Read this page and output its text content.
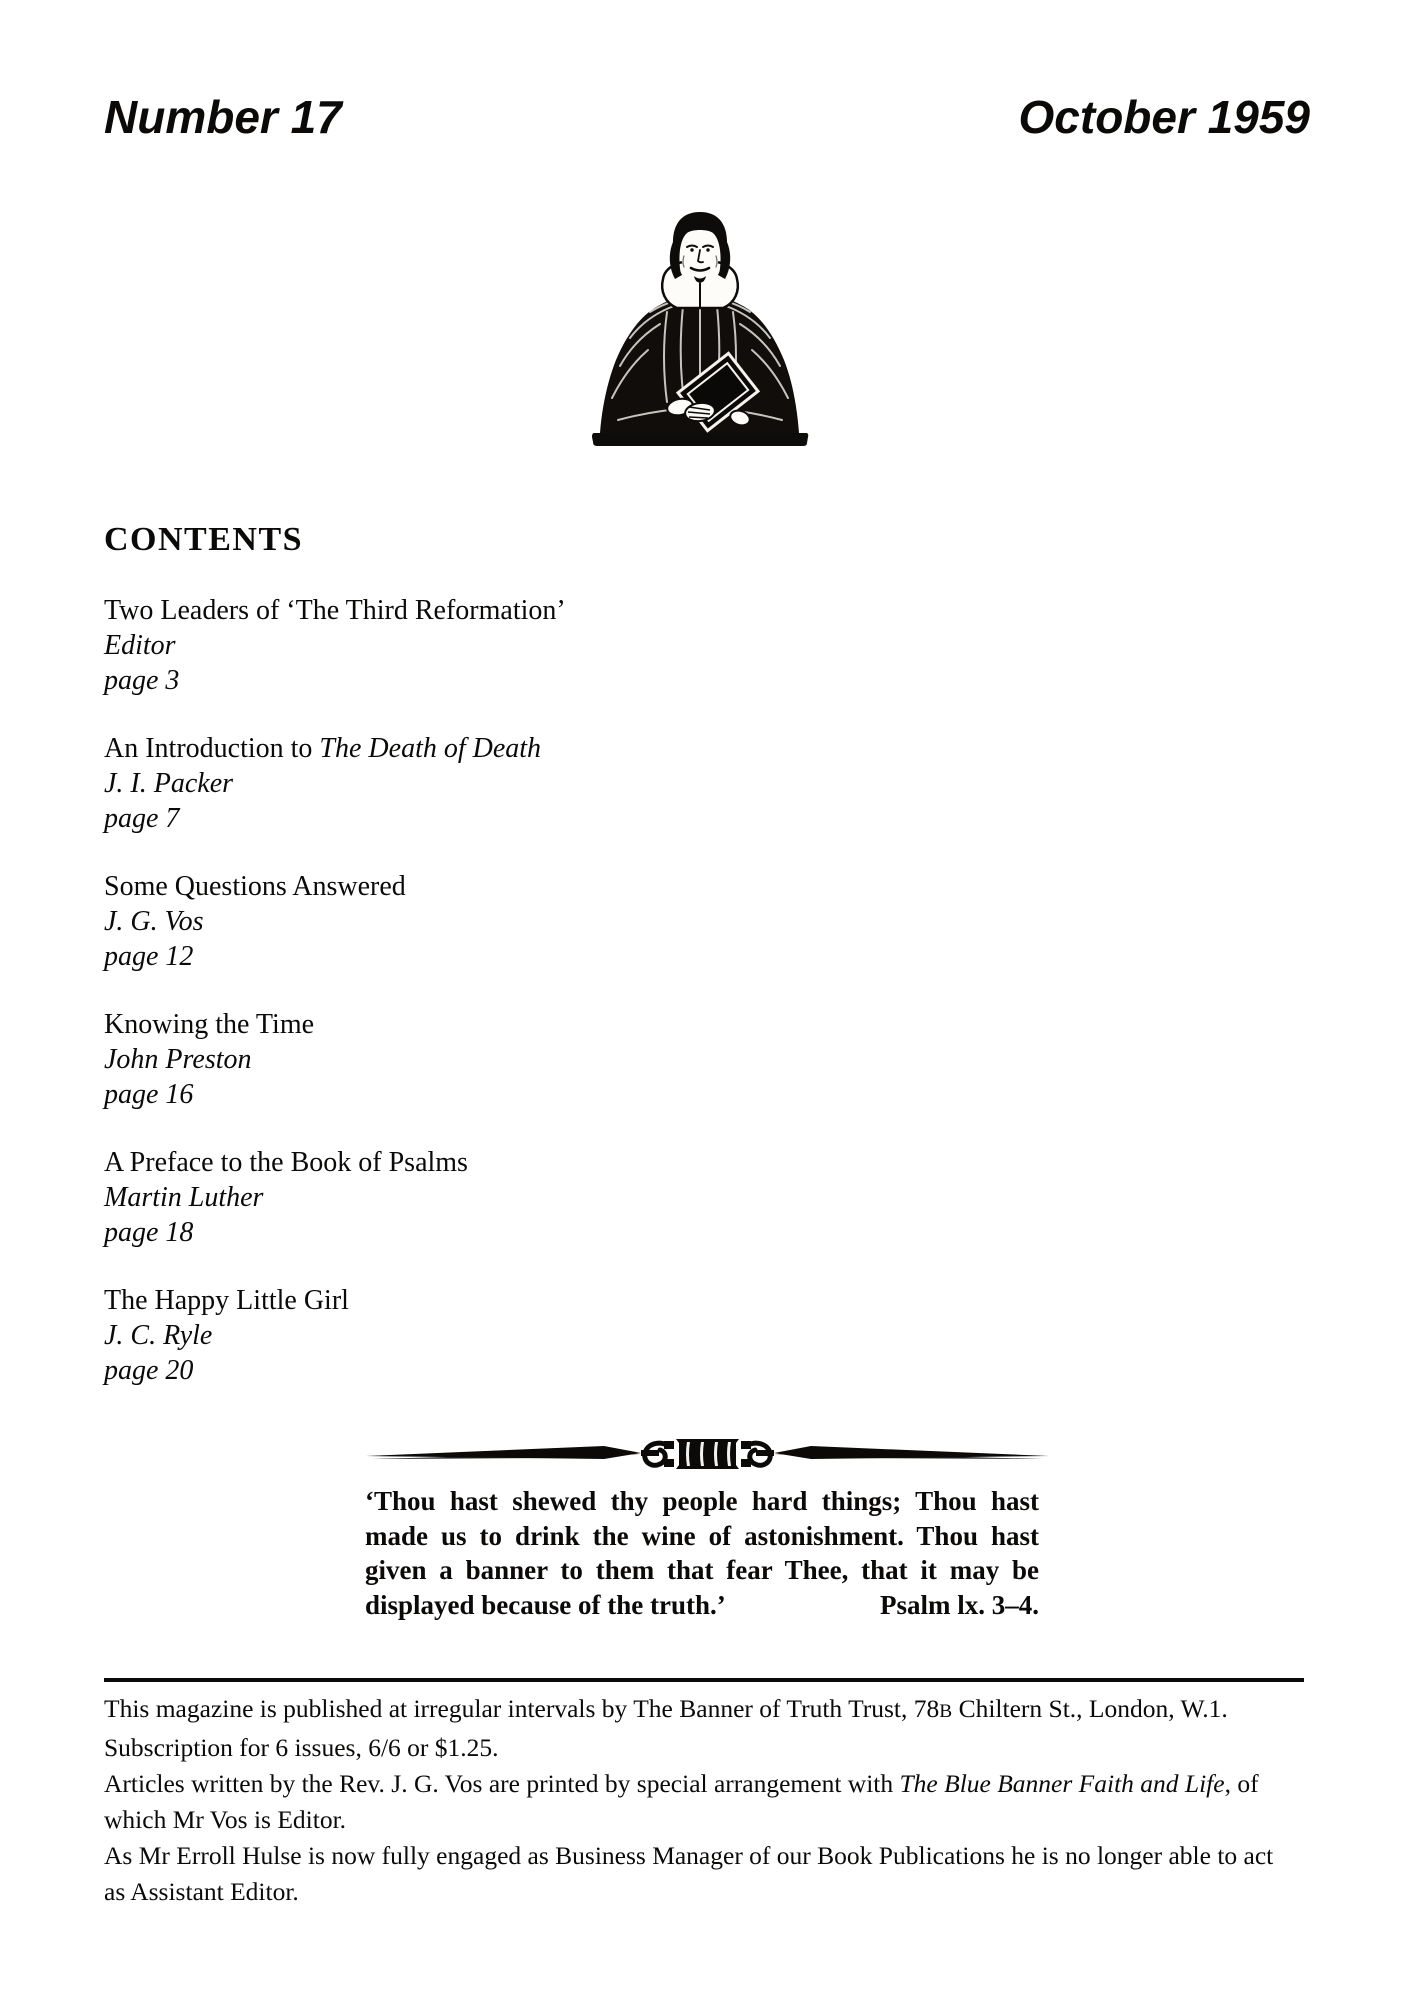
Number 17	October 1959
CONTENTS
Two Leaders of ‘The Third Reformation’
Editor
page 3
An Introduction to The Death of Death
J. I. Packer
page 7
Some Questions Answered
J. G. Vos
page 12
Knowing the Time
John Preston
page 16
A Preface to the Book of Psalms
Martin Luther
page 18
The Happy Little Girl
J. C. Ryle
page 20
‘Thou hast shewed thy people hard things; Thou hast
made us to drink the wine of astonishment. Thou hast
given a banner to them that fear Thee, that it may be
displayed because of the truth.’	Psalm lx. 3–4.
This magazine is published at irregular intervals by The Banner of Truth Trust, 78B Chiltern St., London, W.1.
Subscription for 6 issues, 6/6 or $1.25.
Articles written by the Rev. J. G. Vos are printed by special arrangement with The Blue Banner Faith and Life, of
which Mr Vos is Editor.
As Mr Erroll Hulse is now fully engaged as Business Manager of our Book Publications he is no longer able to act
as Assistant Editor.
